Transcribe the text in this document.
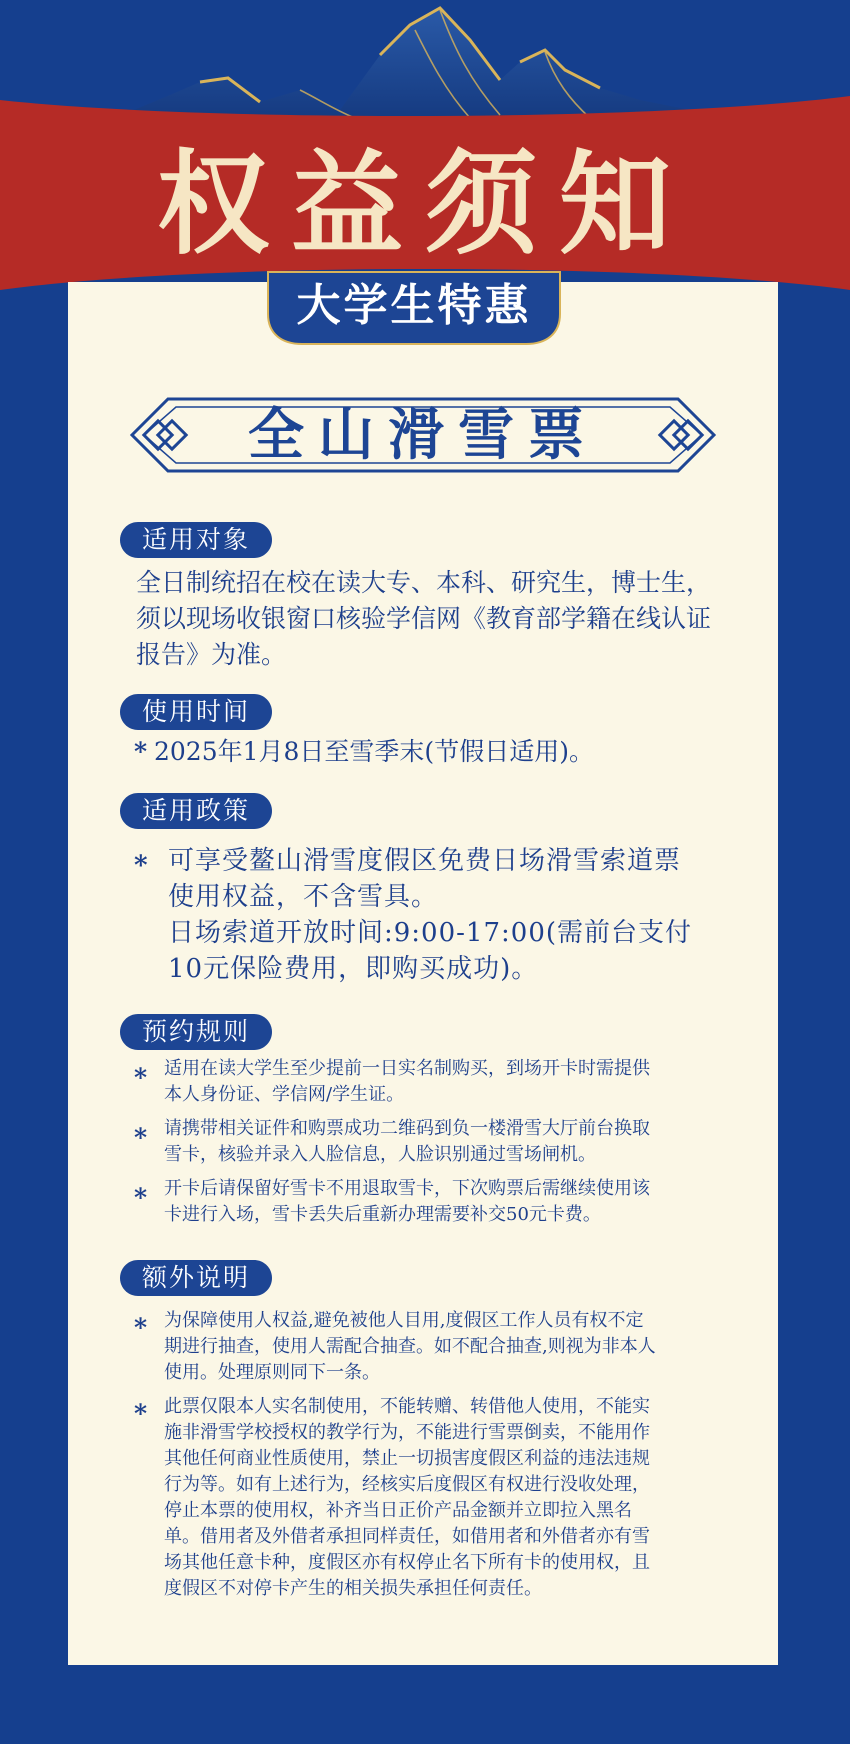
权益须知
大学生特惠
全山滑雪票
适用对象
全日制统招在校在读大专、本科、研究生，博士生，
须以现场收银窗口核验学信网《教育部学籍在线认证
报告》为准。
使用时间
* 2025年1月8日至雪季末(节假日适用)。
适用政策
* 可享受鳌山滑雪度假区免费日场滑雪索道票
使用权益，不含雪具。
日场索道开放时间:9:00-17:00(需前台支付
10元保险费用，即购买成功)。
预约规则
* 适用在读大学生至少提前一日实名制购买，到场开卡时需提供
本人身份证、学信网/学生证。
* 请携带相关证件和购票成功二维码到负一楼滑雪大厅前台换取
雪卡，核验并录入人脸信息，人脸识别通过雪场闸机。
* 开卡后请保留好雪卡不用退取雪卡，下次购票后需继续使用该
卡进行入场，雪卡丢失后重新办理需要补交50元卡费。
额外说明
* 为保障使用人权益,避免被他人目用,度假区工作人员有权不定
期进行抽查，使用人需配合抽查。如不配合抽查,则视为非本人
使用。处理原则同下一条。
* 此票仅限本人实名制使用，不能转赠、转借他人使用，不能实
施非滑雪学校授权的教学行为，不能进行雪票倒卖，不能用作
其他任何商业性质使用，禁止一切损害度假区利益的违法违规
行为等。如有上述行为，经核实后度假区有权进行没收处理，
停止本票的使用权，补齐当日正价产品金额并立即拉入黑名
单。借用者及外借者承担同样责任，如借用者和外借者亦有雪
场其他任意卡种，度假区亦有权停止名下所有卡的使用权，且
度假区不对停卡产生的相关损失承担任何责任。
